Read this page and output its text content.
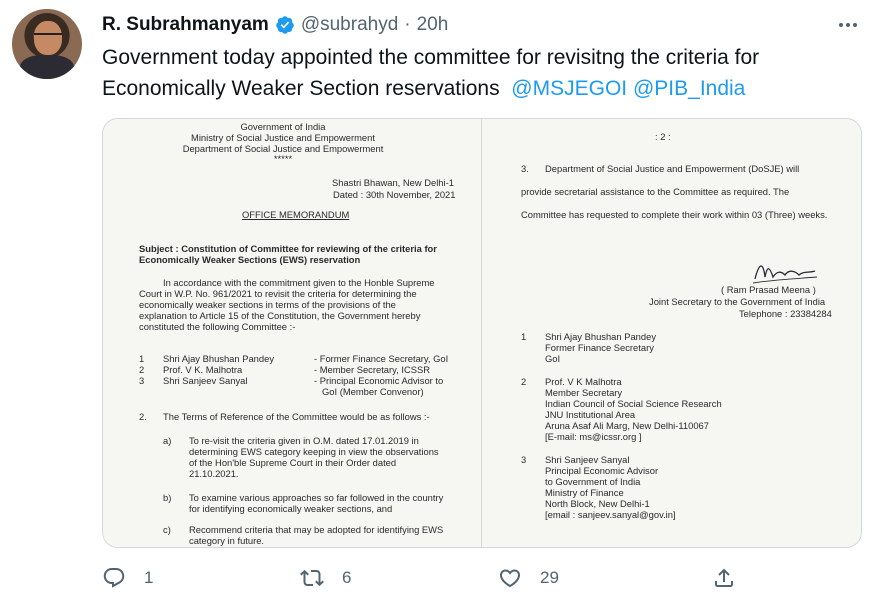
R. Subrahmanyam @subrahyd · 20h
Government today appointed the committee for revisitng the criteria for Economically Weaker Section reservations @MSJEGOI @PIB_India
Government of India
Ministry of Social Justice and Empowerment
Department of Social Justice and Empowerment
*****
Shastri Bhawan, New Delhi-1
Dated : 30th November, 2021
OFFICE MEMORANDUM
Subject : Constitution of Committee for reviewing of the criteria for
Economically Weaker Sections (EWS) reservation
In accordance with the commitment given to the Honble Supreme
Court in W.P. No. 961/2021 to revisit the criteria for determining the
economically weaker sections in terms of the provisions of the
explanation to Article 15 of the Constitution, the Government hereby
constituted the following Committee :-
1 Shri Ajay Bhushan Pandey	- Former Finance Secretary, GoI
2 Prof. V K. Malhotra	- Member Secretary, ICSSR
3 Shri Sanjeev Sanyal	- Principal Economic Advisor to
GoI (Member Convenor)
2. The Terms of Reference of the Committee would be as follows :-
a) To re-visit the criteria given in O.M. dated 17.01.2019 in
determining EWS category keeping in view the observations
of the Hon'ble Supreme Court in their Order dated
21.10.2021.
b) To examine various approaches so far followed in the country
for identifying economically weaker sections, and
c) Recommend criteria that may be adopted for identifying EWS
category in future.
: 2 :
3. Department of Social Justice and Empowerment (DoSJE) will
provide secretarial assistance to the Committee as required. The
Committee has requested to complete their work within 03 (Three) weeks.
( Ram Prasad Meena )
Joint Secretary to the Government of India
Telephone : 23384284
1 Shri Ajay Bhushan Pandey
Former Finance Secretary
GoI
2 Prof. V K Malhotra
Member Secretary
Indian Council of Social Science Research
JNU Institutional Area
Aruna Asaf Ali Marg, New Delhi-110067
[E-mail: ms@icssr.org ]
3 Shri Sanjeev Sanyal
Principal Economic Advisor
to Government of India
Ministry of Finance
North Block, New Delhi-1
[email : sanjeev.sanyal@gov.in]
1	6	29
